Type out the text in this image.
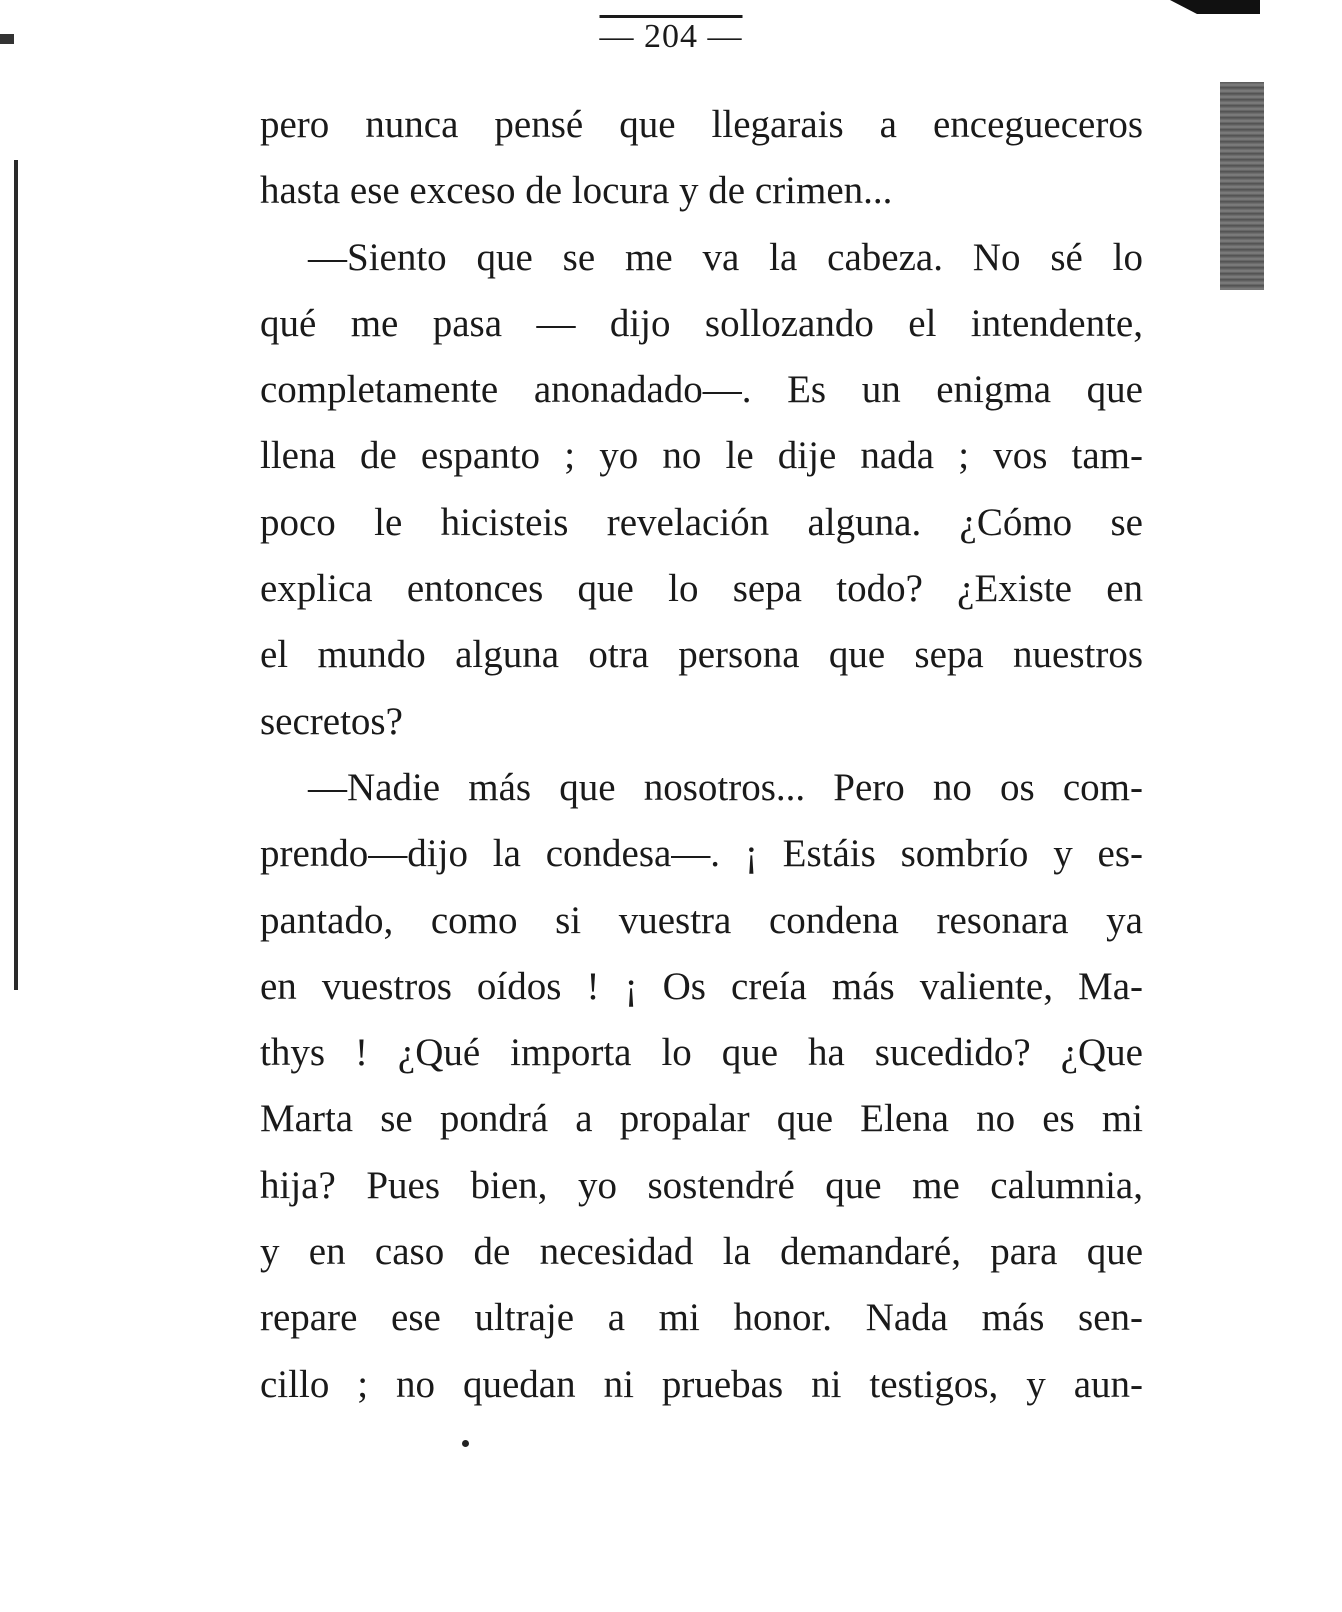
— 204 —
pero nunca pensé que llegarais a encegueceros
hasta ese exceso de locura y de crimen...
—Siento que se me va la cabeza. No sé lo
qué me pasa — dijo sollozando el intendente,
completamente anonadado—. Es un enigma que
llena de espanto ; yo no le dije nada ; vos tam-
poco le hicisteis revelación alguna. ¿Cómo se
explica entonces que lo sepa todo? ¿Existe en
el mundo alguna otra persona que sepa nuestros
secretos?
—Nadie más que nosotros... Pero no os com-
prendo—dijo la condesa—. ¡ Estáis sombrío y es-
pantado, como si vuestra condena resonara ya
en vuestros oídos ! ¡ Os creía más valiente, Ma-
thys ! ¿Qué importa lo que ha sucedido? ¿Que
Marta se pondrá a propalar que Elena no es mi
hija? Pues bien, yo sostendré que me calumnia,
y en caso de necesidad la demandaré, para que
repare ese ultraje a mi honor. Nada más sen-
cillo ; no quedan ni pruebas ni testigos, y aun-
